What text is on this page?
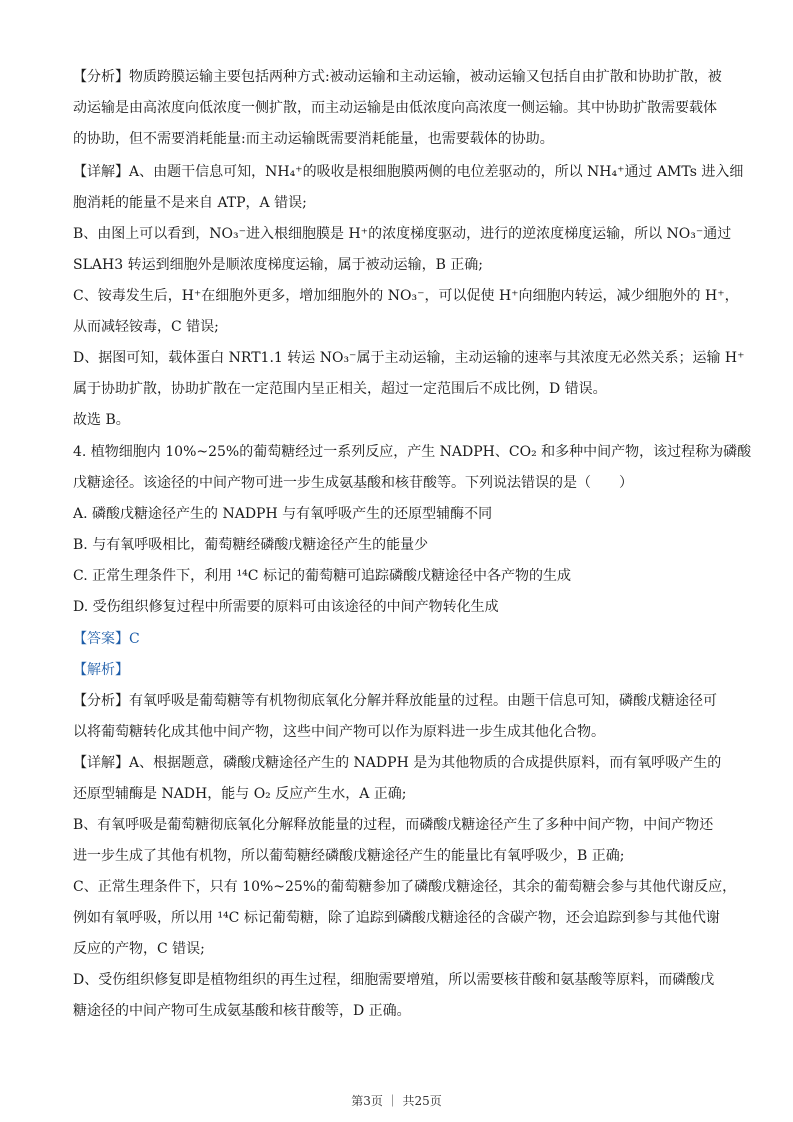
【分析】物质跨膜运输主要包括两种方式:被动运输和主动运输，被动运输又包括自由扩散和协助扩散，被
动运输是由高浓度向低浓度一侧扩散，而主动运输是由低浓度向高浓度一侧运输。其中协助扩散需要载体
的协助，但不需要消耗能量:而主动运输既需要消耗能量，也需要载体的协助。
【详解】A、由题干信息可知，NH₄⁺的吸收是根细胞膜两侧的电位差驱动的，所以 NH₄⁺通过 AMTs 进入细
胞消耗的能量不是来自 ATP，A 错误;
B、由图上可以看到，NO₃⁻进入根细胞膜是 H⁺的浓度梯度驱动，进行的逆浓度梯度运输，所以 NO₃⁻通过
SLAH3 转运到细胞外是顺浓度梯度运输，属于被动运输，B 正确;
C、铵毒发生后，H⁺在细胞外更多，增加细胞外的 NO₃⁻，可以促使 H⁺向细胞内转运，减少细胞外的 H⁺，
从而减轻铵毒，C 错误;
D、据图可知，载体蛋白 NRT1.1 转运 NO₃⁻属于主动运输，主动运输的速率与其浓度无必然关系；运输 H⁺
属于协助扩散，协助扩散在一定范围内呈正相关，超过一定范围后不成比例，D 错误。
故选 B。
4. 植物细胞内 10%~25%的葡萄糖经过一系列反应，产生 NADPH、CO₂ 和多种中间产物，该过程称为磷酸
戊糖途径。该途径的中间产物可进一步生成氨基酸和核苷酸等。下列说法错误的是（　　）
A. 磷酸戊糖途径产生的 NADPH 与有氧呼吸产生的还原型辅酶不同
B. 与有氧呼吸相比，葡萄糖经磷酸戊糖途径产生的能量少
C. 正常生理条件下，利用 ¹⁴C 标记的葡萄糖可追踪磷酸戊糖途径中各产物的生成
D. 受伤组织修复过程中所需要的原料可由该途径的中间产物转化生成
【答案】C
【解析】
【分析】有氧呼吸是葡萄糖等有机物彻底氧化分解并释放能量的过程。由题干信息可知，磷酸戊糖途径可
以将葡萄糖转化成其他中间产物，这些中间产物可以作为原料进一步生成其他化合物。
【详解】A、根据题意，磷酸戊糖途径产生的 NADPH 是为其他物质的合成提供原料，而有氧呼吸产生的
还原型辅酶是 NADH，能与 O₂ 反应产生水，A 正确;
B、有氧呼吸是葡萄糖彻底氧化分解释放能量的过程，而磷酸戊糖途径产生了多种中间产物，中间产物还
进一步生成了其他有机物，所以葡萄糖经磷酸戊糖途径产生的能量比有氧呼吸少，B 正确;
C、正常生理条件下，只有 10%~25%的葡萄糖参加了磷酸戊糖途径，其余的葡萄糖会参与其他代谢反应，
例如有氧呼吸，所以用 ¹⁴C 标记葡萄糖，除了追踪到磷酸戊糖途径的含碳产物，还会追踪到参与其他代谢
反应的产物，C 错误;
D、受伤组织修复即是植物组织的再生过程，细胞需要增殖，所以需要核苷酸和氨基酸等原料，而磷酸戊
糖途径的中间产物可生成氨基酸和核苷酸等，D 正确。
第3页 ｜ 共25页
